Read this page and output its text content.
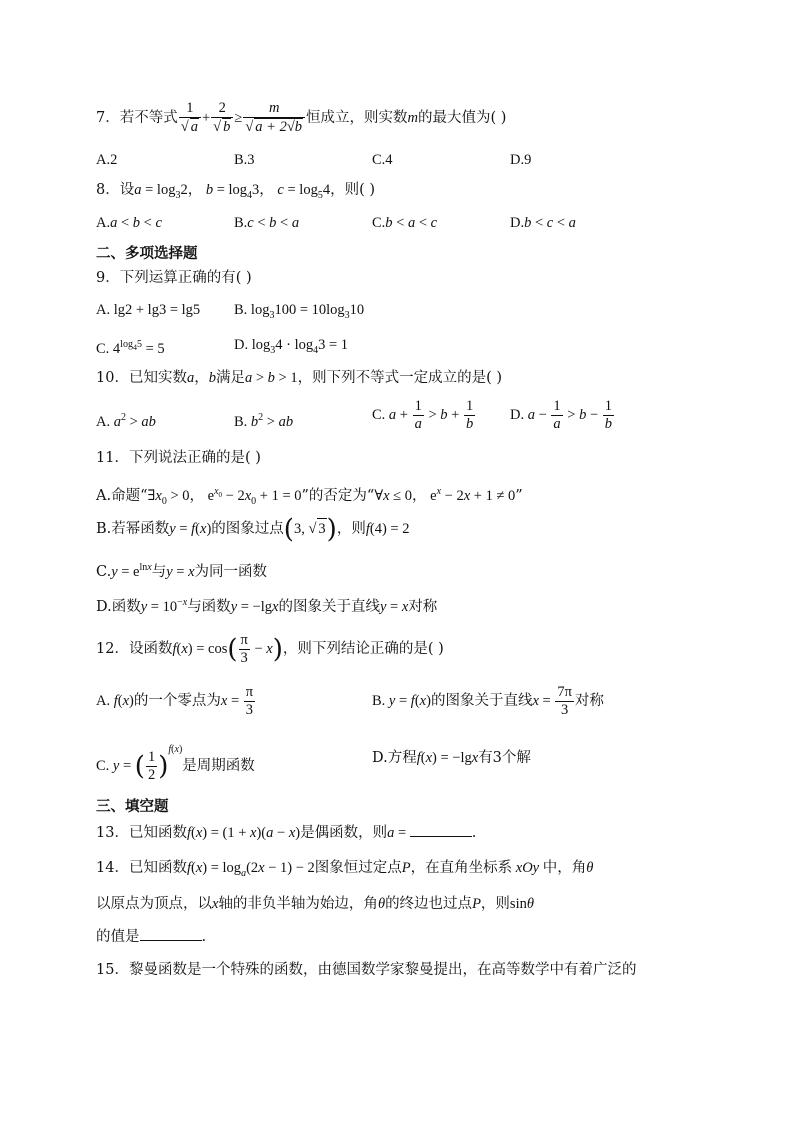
7．若不等式 $\frac{1}{√ a} + \frac{2}{√ b} \ge \frac{m}{√ a + 2√b}$ 恒成立，则实数m的最大值为( )
A.2	B.3	C.4	D.9
8．设$a = \log_32$， $b = \log_43$， $c = \log_54$，则( )
A.a < b < c	B.c < b < a	C.b < a < c	D.b < c < a
二、多项选择题
9．下列运算正确的有( )
A. lg2 + lg3 = lg5 B. $\log_3100 = 10\log_310$
C. $4^{log_45} = 5$	D. $\log_34 \cdot \log_43 = 1$
10．已知实数a，b满足a > b > 1，则下列不等式一定成立的是( )
A. $a^2$ > ab	B. $b^2$ > ab	C. $a + \frac{1}{a} > b + \frac{1}{b} D$. $a - \frac{1}{a} > b - \frac{1}{b}$
11．下列说法正确的是( )
A.命题“$\exists x_0 > 0$， $e^{x_0} - 2x_0 + 1 = 0$”的否定为“∀x ≤ 0， $e^x - 2x + 1 \ne 0$”
B.若幂函数y = f(x)的图象过点(3, √ 3)，则f(4) = 2
$C.y = e^{lnx}$与y = x为同一函数
D.函数$y = 10^{-x}$与函数y = −lgx的图象关于直线y = x对称
12．设函数$f(x) = \cos( \frac{\pi}{3} - x)$，则下列结论正确的是( )
A. f(x)的一个零点为$x = \frac{\pi}{3}$	B. y = f(x)的图象关于直线$x = \frac{7\pi}{3}$ 对称
C. y = ( $\frac{1}{2} )^{f(x)}$是周期函数	D.方程f(x) = −lgx有3个解
三、填空题
13．已知函数f(x) = (1 + x)(a − x)是偶函数，则a =	.
14．已知函数$f(x) = \log_a(2x - 1) - 2$图象恒过定点P，在直角坐标系 xOy 中，角θ
以原点为顶点，以x轴的非负半轴为始边，角θ的终边也过点P，则sinθ
的值是	.
15．黎曼函数是一个特殊的函数，由德国数学家黎曼提出，在高等数学中有着广泛的
